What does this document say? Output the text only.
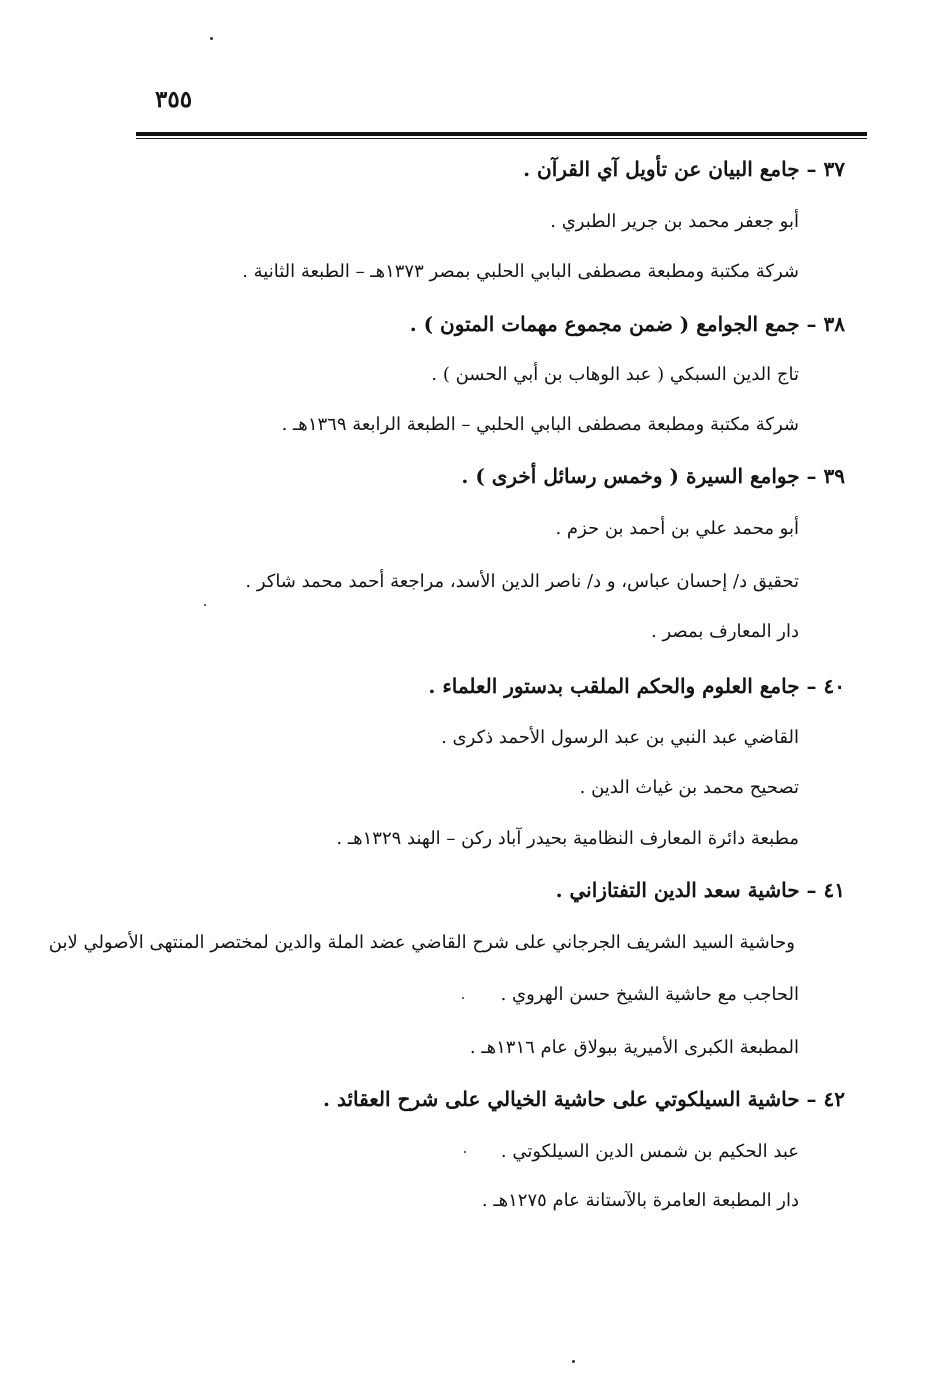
٣٥٥
٣٧ – جامع البيان عن تأويل آي القرآن .
أبو جعفر محمد بن جرير الطبري .
شركة مكتبة ومطبعة مصطفى البابي الحلبي بمصر ١٣٧٣هـ – الطبعة الثانية .
٣٨ – جمع الجوامع ( ضمن مجموع مهمات المتون ) .
تاج الدين السبكي ( عبد الوهاب بن أبي الحسن ) .
شركة مكتبة ومطبعة مصطفى البابي الحلبي – الطبعة الرابعة ١٣٦٩هـ .
٣٩ – جوامع السيرة ( وخمس رسائل أخرى ) .
أبو محمد علي بن أحمد بن حزم .
تحقيق د/ إحسان عباس، و د/ ناصر الدين الأسد، مراجعة أحمد محمد شاكر .
دار المعارف بمصر .
٤٠ – جامع العلوم والحكم الملقب بدستور العلماء .
القاضي عبد النبي بن عبد الرسول الأحمد ذكرى .
تصحيح محمد بن غياث الدين .
مطبعة دائرة المعارف النظامية بحيدر آباد ركن – الهند ١٣٢٩هـ .
٤١ – حاشية سعد الدين التفتازاني .
وحاشية السيد الشريف الجرجاني على شرح القاضي عضد الملة والدين لمختصر المنتهى الأصولي لابن
الحاجب مع حاشية الشيخ حسن الهروي .
المطبعة الكبرى الأميرية ببولاق عام ١٣١٦هـ .
٤٢ – حاشية السيلكوتي على حاشية الخيالي على شرح العقائد .
عبد الحكيم بن شمس الدين السيلكوتي .
دار المطبعة العامرة بالآستانة عام ١٢٧٥هـ .
